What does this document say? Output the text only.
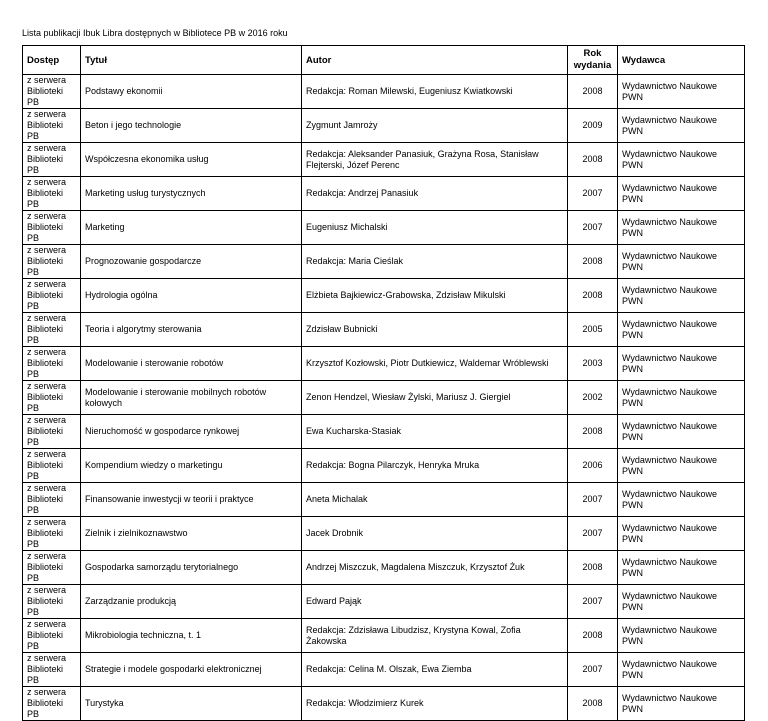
Lista publikacji Ibuk Libra dostępnych w Bibliotece PB w 2016 roku
Dostęp	Tytuł	Autor	Rok wydania	Wydawca
z serwera Biblioteki PB	Podstawy ekonomii	Redakcja: Roman Milewski, Eugeniusz Kwiatkowski	2008	Wydawnictwo Naukowe PWN
z serwera Biblioteki PB	Beton i jego technologie	Zygmunt Jamroży	2009	Wydawnictwo Naukowe PWN
z serwera Biblioteki PB	Współczesna ekonomika usług	Redakcja: Aleksander Panasiuk, Grażyna Rosa, Stanisław Flejterski, Józef Perenc	2008	Wydawnictwo Naukowe PWN
z serwera Biblioteki PB	Marketing usług turystycznych	Redakcja: Andrzej Panasiuk	2007	Wydawnictwo Naukowe PWN
z serwera Biblioteki PB	Marketing	Eugeniusz Michalski	2007	Wydawnictwo Naukowe PWN
z serwera Biblioteki PB	Prognozowanie gospodarcze	Redakcja: Maria Cieślak	2008	Wydawnictwo Naukowe PWN
z serwera Biblioteki PB	Hydrologia ogólna	Elżbieta Bajkiewicz-Grabowska, Zdzisław Mikulski	2008	Wydawnictwo Naukowe PWN
z serwera Biblioteki PB	Teoria i algorytmy sterowania	Zdzisław Bubnicki	2005	Wydawnictwo Naukowe PWN
z serwera Biblioteki PB	Modelowanie i sterowanie robotów	Krzysztof Kozłowski, Piotr Dutkiewicz, Waldemar Wróblewski	2003	Wydawnictwo Naukowe PWN
z serwera Biblioteki PB	Modelowanie i sterowanie mobilnych robotów kołowych	Zenon Hendzel, Wiesław Żylski, Mariusz J. Giergiel	2002	Wydawnictwo Naukowe PWN
z serwera Biblioteki PB	Nieruchomość w gospodarce rynkowej	Ewa Kucharska-Stasiak	2008	Wydawnictwo Naukowe PWN
z serwera Biblioteki PB	Kompendium wiedzy o marketingu	Redakcja: Bogna Pilarczyk, Henryka Mruka	2006	Wydawnictwo Naukowe PWN
z serwera Biblioteki PB	Finansowanie inwestycji w teorii i praktyce	Aneta Michalak	2007	Wydawnictwo Naukowe PWN
z serwera Biblioteki PB	Zielnik i zielnikoznawstwo	Jacek Drobnik	2007	Wydawnictwo Naukowe PWN
z serwera Biblioteki PB	Gospodarka samorządu terytorialnego	Andrzej Miszczuk, Magdalena Miszczuk, Krzysztof Żuk	2008	Wydawnictwo Naukowe PWN
z serwera Biblioteki PB	Zarządzanie produkcją	Edward Pająk	2007	Wydawnictwo Naukowe PWN
z serwera Biblioteki PB	Mikrobiologia techniczna, t. 1	Redakcja: Zdzisława Libudzisz, Krystyna Kowal, Zofia Żakowska	2008	Wydawnictwo Naukowe PWN
z serwera Biblioteki PB	Strategie i modele gospodarki elektronicznej	Redakcja: Celina M. Olszak, Ewa Ziemba	2007	Wydawnictwo Naukowe PWN
z serwera Biblioteki PB	Turystyka	Redakcja: Włodzimierz Kurek	2008	Wydawnictwo Naukowe PWN
